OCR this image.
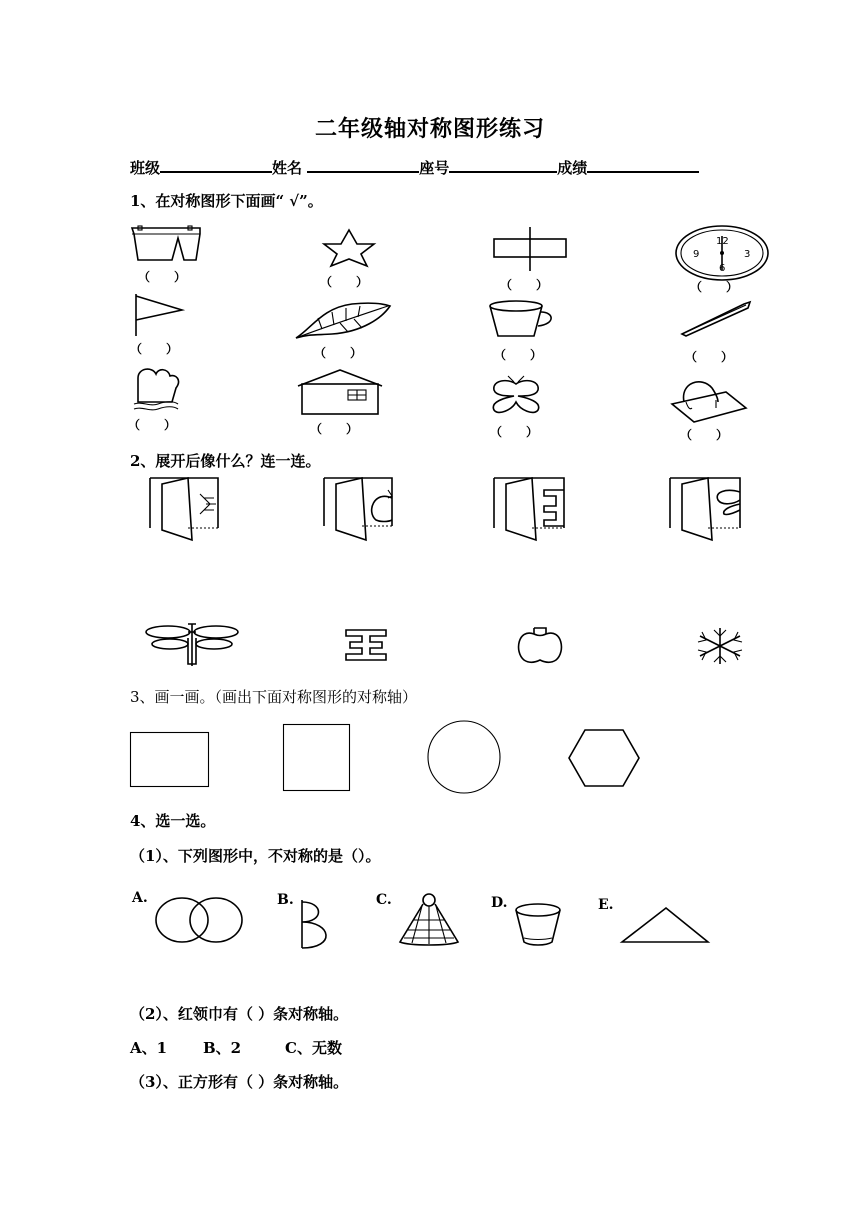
二年级轴对称图形练习
班级	姓名	座号	成绩
1、在对称图形下面画“ √”。
（　　）	（　　）	（　　）
12
3
6
9
（　　）
（　　）	（　　）	（　　）	（　　）
（　　）	（　　）	（　　）	（　　）
2、展开后像什么？连一连。
3、画一画。（画出下面对称图形的对称轴）
4、选一选。
（1）、下列图形中，不对称的是（）。
A.	B.	C.	D.	E.
（2）、红领巾有（ ）条对称轴。
A、1 B、2	C、无数
（3）、正方形有（ ）条对称轴。
